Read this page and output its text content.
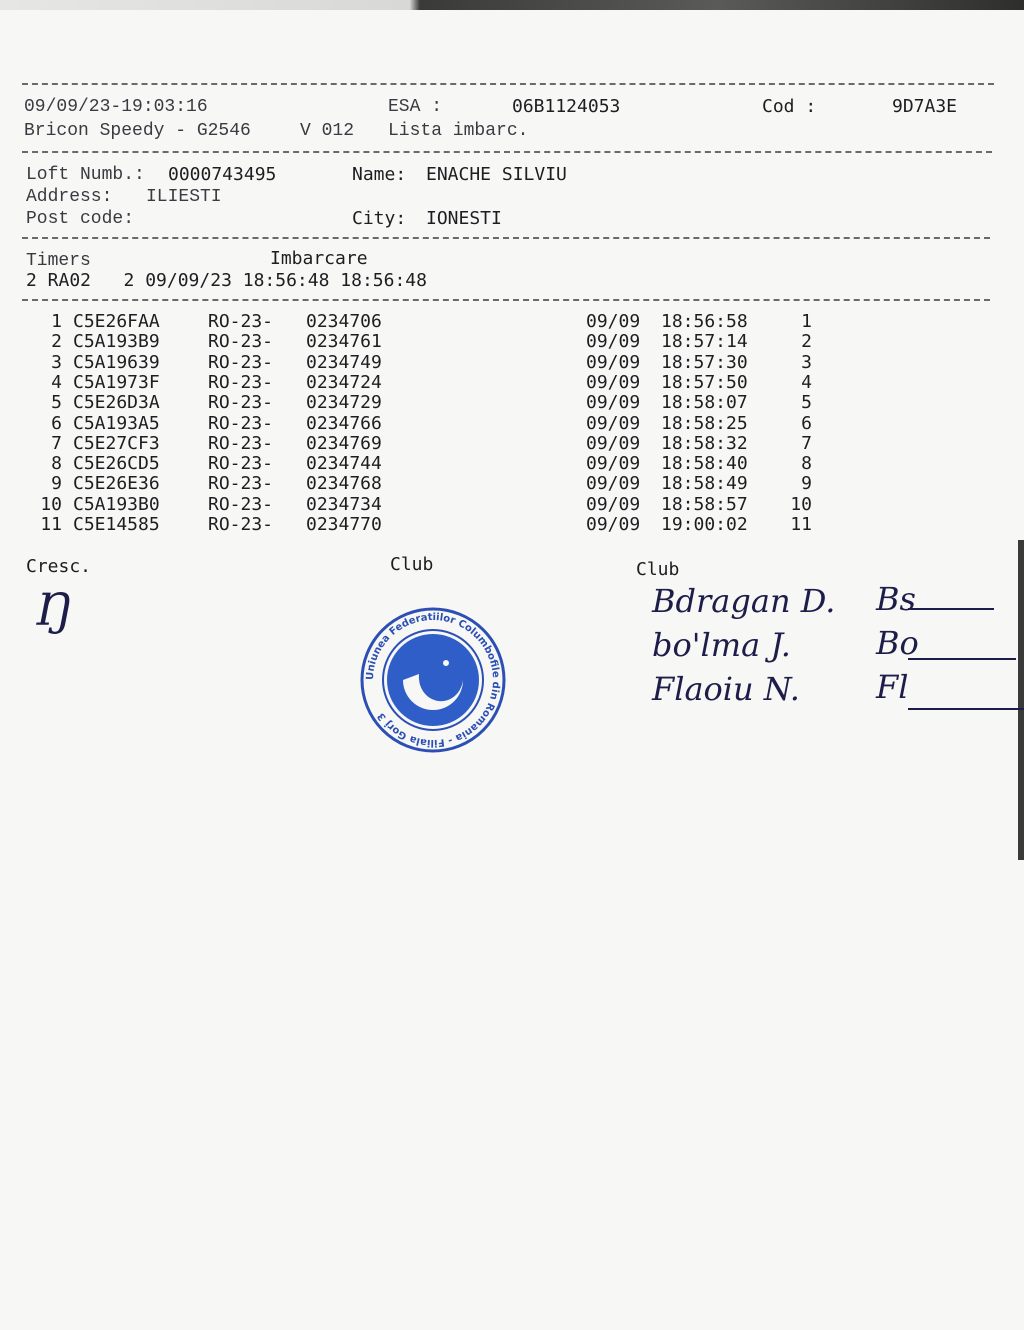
09/09/23-19:03:16	ESA :	06B1124053	Cod :	9D7A3E
Bricon Speedy - G2546	V 012 Lista imbarc.
Loft Numb.: 0000743495	Name: ENACHE SILVIU
Address: ILIESTI
Post code:	City: IONESTI
Timers	Imbarcare
2 RA02   2 09/09/23 18:56:48 18:56:48
1 C5E26FAA	RO-23- 0234706	09/09 18:56:58	1
2 C5A193B9	RO-23- 0234761	09/09 18:57:14	2
3 C5A19639	RO-23- 0234749	09/09 18:57:30	3
4 C5A1973F	RO-23- 0234724	09/09 18:57:50	4
5 C5E26D3A	RO-23- 0234729	09/09 18:58:07	5
6 C5A193A5	RO-23- 0234766	09/09 18:58:25	6
7 C5E27CF3	RO-23- 0234769	09/09 18:58:32	7
8 C5E26CD5	RO-23- 0234744	09/09 18:58:40	8
9 C5E26E36	RO-23- 0234768	09/09 18:58:49	9
10 C5A193B0	RO-23- 0234734	09/09 18:58:57 10
11 C5E14585	RO-23- 0234770	09/09 19:00:02 11
Cresc.	Club	Club
Ŋ
Uniunea Federatiilor Columbofile din Romania - Filiala Gorj 3
Bdragan D. Bs
bo'lma J.	Bo
Flaoiu N. Fl
